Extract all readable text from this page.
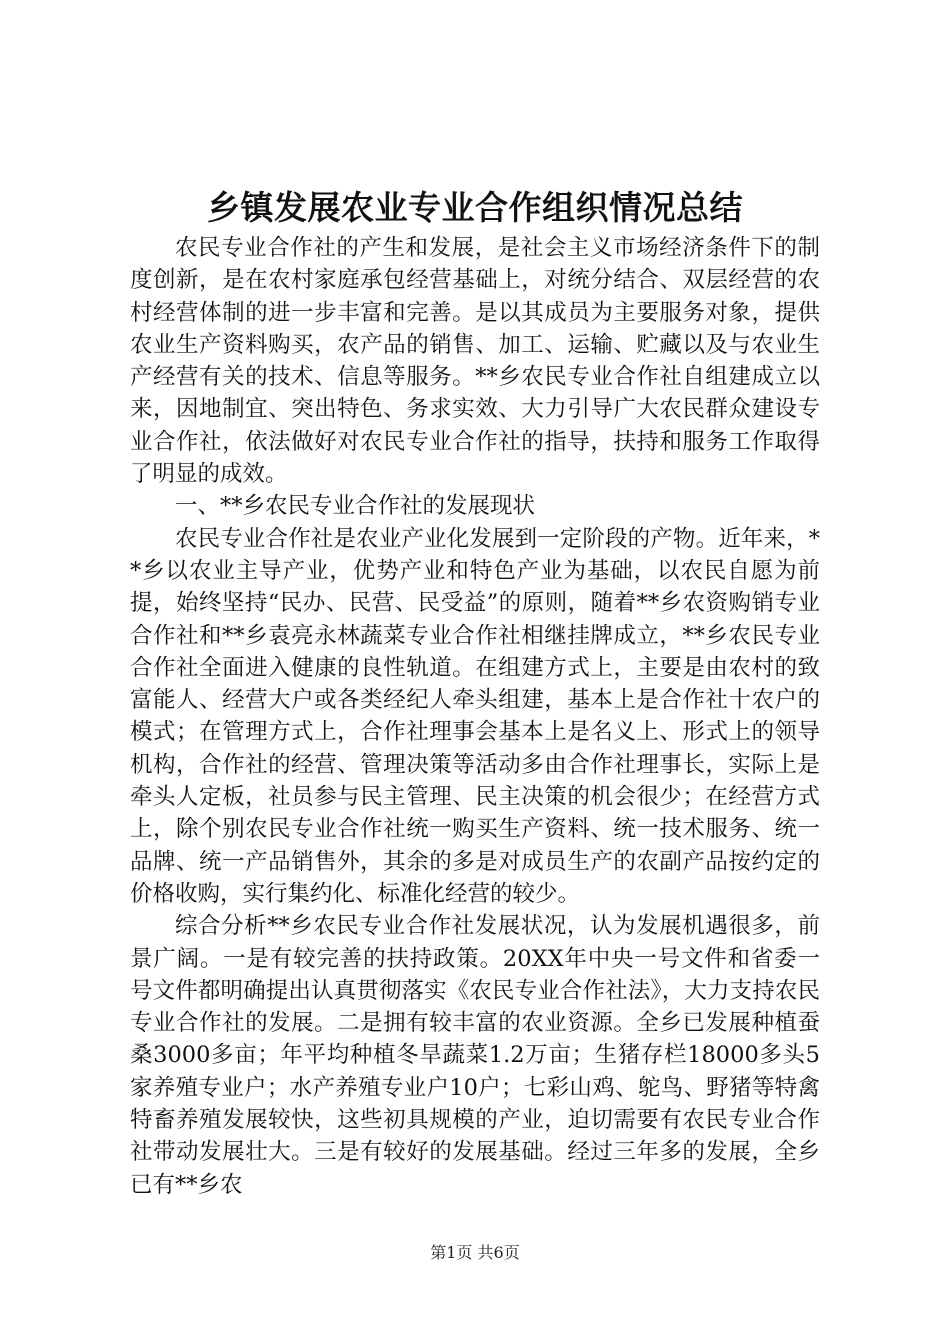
乡镇发展农业专业合作组织情况总结

农民专业合作社的产生和发展，是社会主义市场经济条件下的制度创新，是在农村家庭承包经营基础上，对统分结合、双层经营的农村经营体制的进一步丰富和完善。是以其成员为主要服务对象，提供农业生产资料购买，农产品的销售、加工、运输、贮藏以及与农业生产经营有关的技术、信息等服务。**乡农民专业合作社自组建成立以来，因地制宜、突出特色、务求实效、大力引导广大农民群众建设专业合作社，依法做好对农民专业合作社的指导，扶持和服务工作取得了明显的成效。

一、**乡农民专业合作社的发展现状

农民专业合作社是农业产业化发展到一定阶段的产物。近年来，**乡以农业主导产业，优势产业和特色产业为基础，以农民自愿为前提，始终坚持“民办、民营、民受益”的原则，随着**乡农资购销专业合作社和**乡袁亮永林蔬菜专业合作社相继挂牌成立，**乡农民专业合作社全面进入健康的良性轨道。在组建方式上，主要是由农村的致富能人、经营大户或各类经纪人牵头组建，基本上是合作社十农户的模式；在管理方式上，合作社理事会基本上是名义上、形式上的领导机构，合作社的经营、管理决策等活动多由合作社理事长，实际上是牵头人定板，社员参与民主管理、民主决策的机会很少；在经营方式上，除个别农民专业合作社统一购买生产资料、统一技术服务、统一品牌、统一产品销售外，其余的多是对成员生产的农副产品按约定的价格收购，实行集约化、标准化经营的较少。

综合分析**乡农民专业合作社发展状况，认为发展机遇很多，前景广阔。一是有较完善的扶持政策。20XX年中央一号文件和省委一号文件都明确提出认真贯彻落实《农民专业合作社法》，大力支持农民专业合作社的发展。二是拥有较丰富的农业资源。全乡已发展种植蚕桑3000多亩；年平均种植冬旱蔬菜1.2万亩；生猪存栏18000多头5家养殖专业户；水产养殖专业户10户；七彩山鸡、鸵鸟、野猪等特禽特畜养殖发展较快，这些初具规模的产业，迫切需要有农民专业合作社带动发展壮大。三是有较好的发展基础。经过三年多的发展，全乡已有**乡农

第1页 共6页
